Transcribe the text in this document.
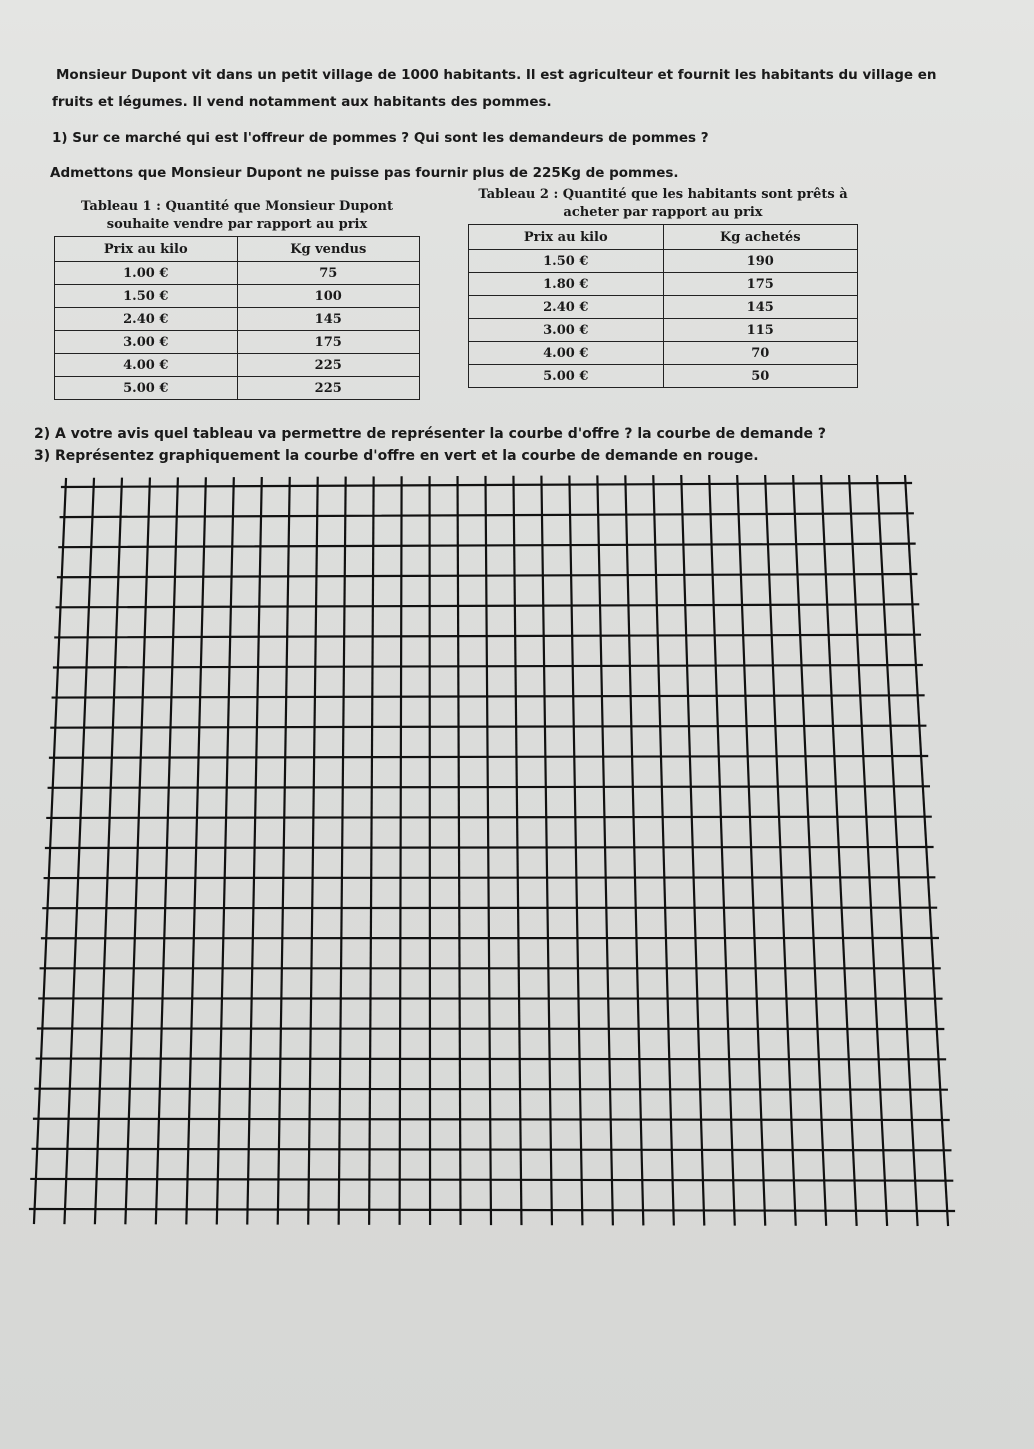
Monsieur Dupont vit dans un petit village de 1000 habitants. Il est agriculteur et fournit les habitants du village en
fruits et légumes. Il vend notamment aux habitants des pommes.
1) Sur ce marché qui est l'offreur de pommes ? Qui sont les demandeurs de pommes ?
Admettons que Monsieur Dupont ne puisse pas fournir plus de 225Kg de pommes.
Tableau 1 : Quantité que Monsieur Dupont souhaite vendre par rapport au prix
Prix au kilo	Kg vendus
1.00 €	75
1.50 €	100
2.40 €	145
3.00 €	175
4.00 €	225
5.00 €	225
Tableau 2 : Quantité que les habitants sont prêts à acheter par rapport au prix
Prix au kilo	Kg achetés
1.50 €	190
1.80 €	175
2.40 €	145
3.00 €	115
4.00 €	70
5.00 €	50
2) A votre avis quel tableau va permettre de représenter la courbe d'offre ? la courbe de demande ?
3) Représentez graphiquement la courbe d'offre en vert et la courbe de demande en rouge.
